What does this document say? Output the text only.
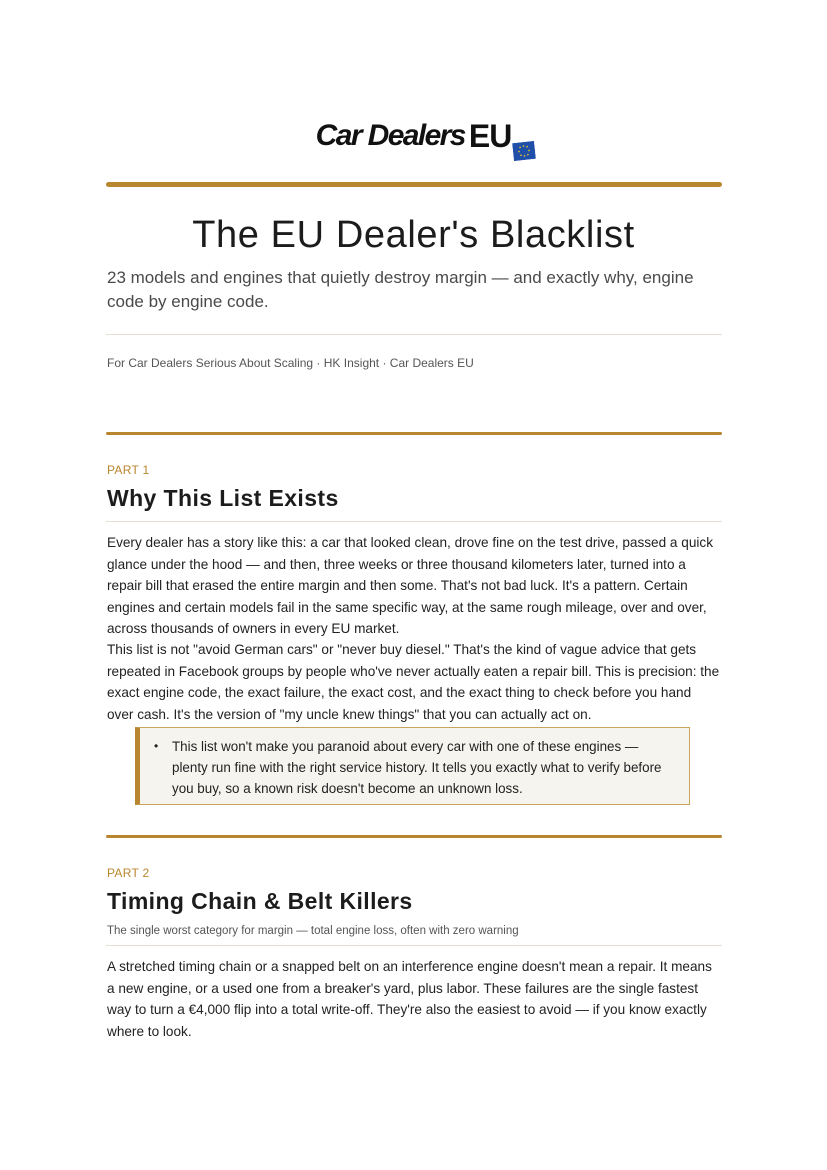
Car Dealers EU
The EU Dealer's Blacklist

23 models and engines that quietly destroy margin — and exactly why, engine code by engine code.

For Car Dealers Serious About Scaling · HK Insight · Car Dealers EU

PART 1
Why This List Exists

Every dealer has a story like this: a car that looked clean, drove fine on the test drive, passed a quick glance under the hood — and then, three weeks or three thousand kilometers later, turned into a repair bill that erased the entire margin and then some. That's not bad luck. It's a pattern. Certain engines and certain models fail in the same specific way, at the same rough mileage, over and over, across thousands of owners in every EU market.

This list is not "avoid German cars" or "never buy diesel." That's the kind of vague advice that gets repeated in Facebook groups by people who've never actually eaten a repair bill. This is precision: the exact engine code, the exact failure, the exact cost, and the exact thing to check before you hand over cash. It's the version of "my uncle knew things" that you can actually act on.

•	This list won't make you paranoid about every car with one of these engines — plenty run fine with the right service history. It tells you exactly what to verify before you buy, so a known risk doesn't become an unknown loss.
PART 2
Timing Chain & Belt Killers

The single worst category for margin — total engine loss, often with zero warning

A stretched timing chain or a snapped belt on an interference engine doesn't mean a repair. It means a new engine, or a used one from a breaker's yard, plus labor. These failures are the single fastest way to turn a €4,000 flip into a total write-off. They're also the easiest to avoid — if you know exactly where to look.
